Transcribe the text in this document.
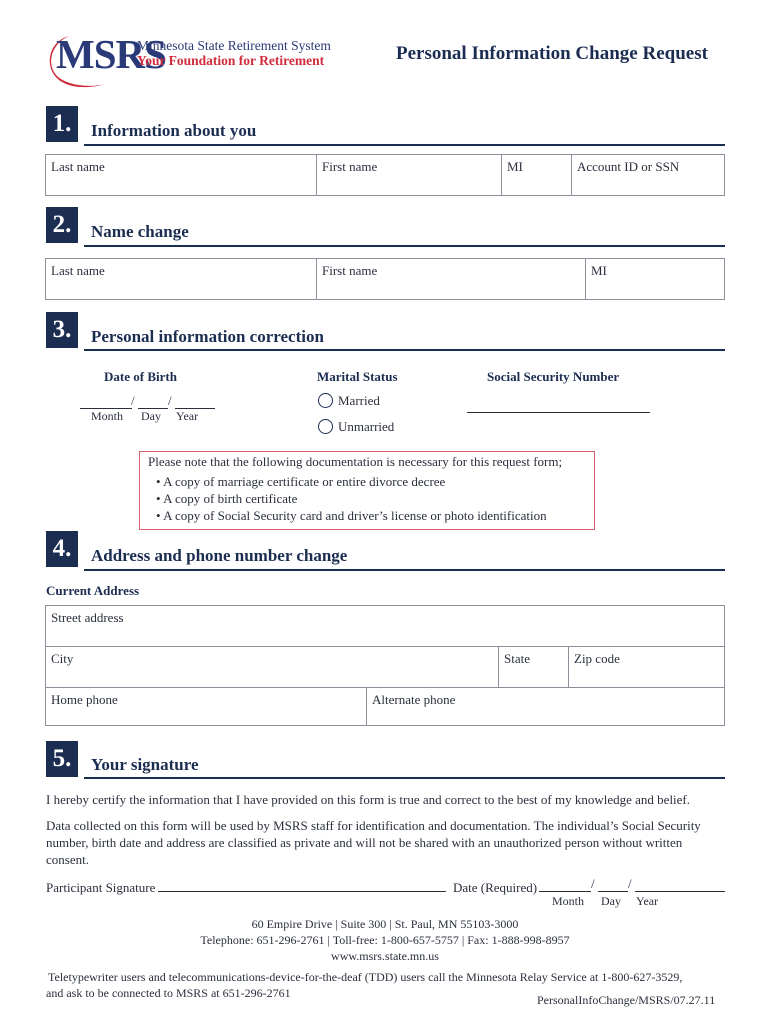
MSRS
Minnesota State Retirement System
Your Foundation for Retirement	Personal Information Change Request
1.	Information about you
Last name	First name	MI	Account ID or SSN
2.	Name change
Last name	First name	MI
3.	Personal information correction
Date of Birth
/	/
Month Day Year
Marital Status
Married
Unmarried
Social Security Number
Please note that the following documentation is necessary for this request form;
• A copy of marriage certificate or entire divorce decree
• A copy of birth certificate
• A copy of Social Security card and driver’s license or photo identification
4.	Address and phone number change
Current Address
Street address
City	State	Zip code
Home phone	Alternate phone
5.	Your signature
I hereby certify the information that I have provided on this form is true and correct to the best of my knowledge and belief.
Data collected on this form will be used by MSRS staff for identification and documentation. The individual’s Social Security number, birth date and address are classified as private and will not be shared with an unauthorized person without written consent.
Participant Signature	Date (Required)	/	/
Month Day Year
60 Empire Drive | Suite 300 | St. Paul, MN 55103-3000
Telephone: 651-296-2761 | Toll-free: 1-800-657-5757 | Fax: 1-888-998-8957
www.msrs.state.mn.us
Teletypewriter users and telecommunications-device-for-the-deaf (TDD) users call the Minnesota Relay Service at 1-800-627-3529,
and ask to be connected to MSRS at 651-296-2761	PersonalInfoChange/MSRS/07.27.11
